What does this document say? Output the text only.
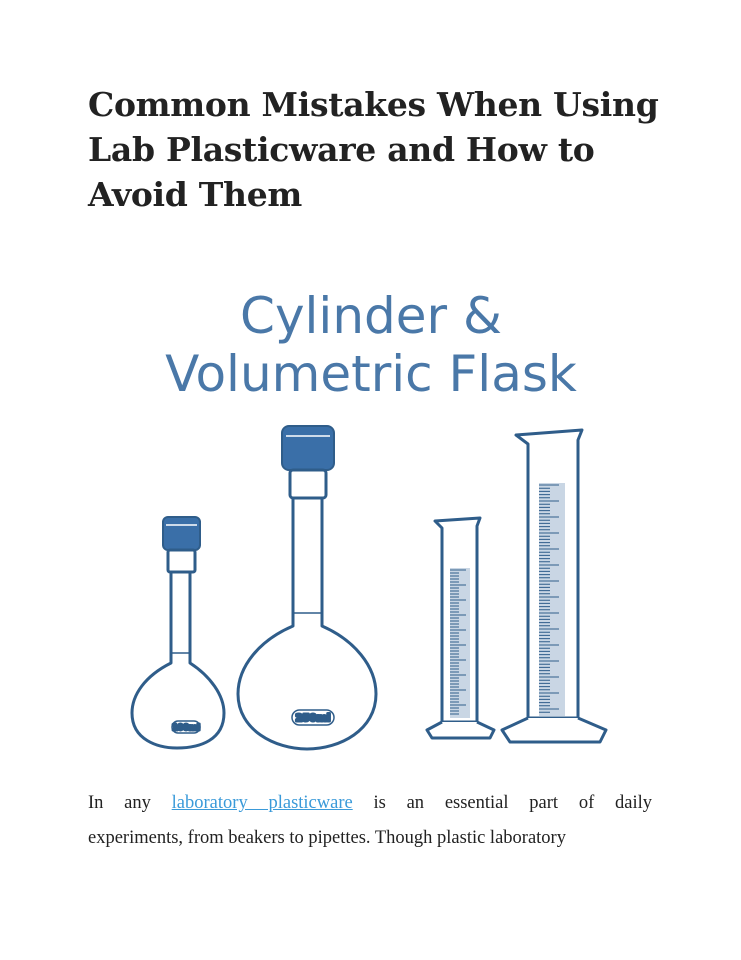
Common Mistakes When Using Lab Plasticware and How to Avoid Them
Cylinder &
Volumetric Flask
100ml
250ml

In any laboratory plasticware is an essential part of daily
experiments, from beakers to pipettes. Though plastic laboratory
